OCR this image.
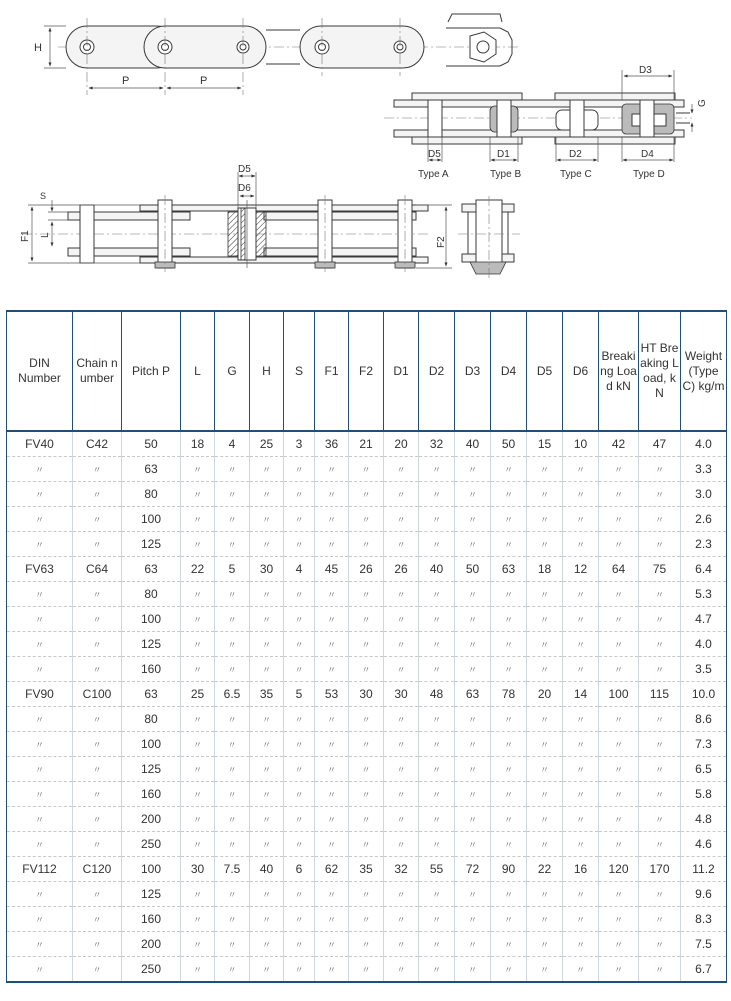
H
P	P
D3
G
D5	D1	D2	D4
Type A	Type B	Type C	Type D
D5
D6
F1
S
L
F2
DIN Number	Chain number	Pitch P	L	G	H	S	F1	F2	D1	D2	D3	D4	D5	D6	Breaking Load kN	HT Breaking Load, kN	Weight (Type C) kg/m
FV40	C42	50	18	4	25	3	36	21	20	32	40	50	15	10	42	47	4.0
〃	〃	63	〃	〃	〃	〃	〃	〃	〃	〃	〃	〃	〃	〃	〃	〃	3.3
〃	〃	80	〃	〃	〃	〃	〃	〃	〃	〃	〃	〃	〃	〃	〃	〃	3.0
〃	〃	100	〃	〃	〃	〃	〃	〃	〃	〃	〃	〃	〃	〃	〃	〃	2.6
〃	〃	125	〃	〃	〃	〃	〃	〃	〃	〃	〃	〃	〃	〃	〃	〃	2.3
FV63	C64	63	22	5	30	4	45	26	26	40	50	63	18	12	64	75	6.4
〃	〃	80	〃	〃	〃	〃	〃	〃	〃	〃	〃	〃	〃	〃	〃	〃	5.3
〃	〃	100	〃	〃	〃	〃	〃	〃	〃	〃	〃	〃	〃	〃	〃	〃	4.7
〃	〃	125	〃	〃	〃	〃	〃	〃	〃	〃	〃	〃	〃	〃	〃	〃	4.0
〃	〃	160	〃	〃	〃	〃	〃	〃	〃	〃	〃	〃	〃	〃	〃	〃	3.5
FV90	C100	63	25	6.5	35	5	53	30	30	48	63	78	20	14	100	115	10.0
〃	〃	80	〃	〃	〃	〃	〃	〃	〃	〃	〃	〃	〃	〃	〃	〃	8.6
〃	〃	100	〃	〃	〃	〃	〃	〃	〃	〃	〃	〃	〃	〃	〃	〃	7.3
〃	〃	125	〃	〃	〃	〃	〃	〃	〃	〃	〃	〃	〃	〃	〃	〃	6.5
〃	〃	160	〃	〃	〃	〃	〃	〃	〃	〃	〃	〃	〃	〃	〃	〃	5.8
〃	〃	200	〃	〃	〃	〃	〃	〃	〃	〃	〃	〃	〃	〃	〃	〃	4.8
〃	〃	250	〃	〃	〃	〃	〃	〃	〃	〃	〃	〃	〃	〃	〃	〃	4.6
FV112	C120	100	30	7.5	40	6	62	35	32	55	72	90	22	16	120	170	11.2
〃	〃	125	〃	〃	〃	〃	〃	〃	〃	〃	〃	〃	〃	〃	〃	〃	9.6
〃	〃	160	〃	〃	〃	〃	〃	〃	〃	〃	〃	〃	〃	〃	〃	〃	8.3
〃	〃	200	〃	〃	〃	〃	〃	〃	〃	〃	〃	〃	〃	〃	〃	〃	7.5
〃	〃	250	〃	〃	〃	〃	〃	〃	〃	〃	〃	〃	〃	〃	〃	〃	6.7
